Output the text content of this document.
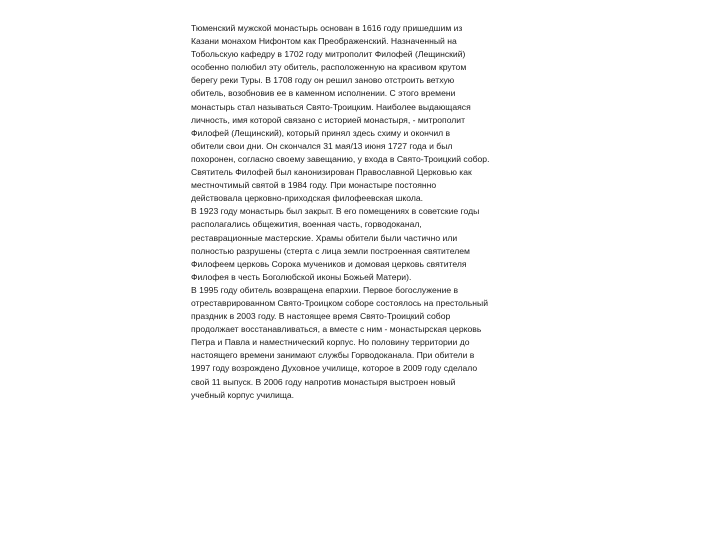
Тюменский мужской монастырь основан в 1616 году пришедшим из
Казани монахом Нифонтом как Преображенский. Назначенный на
Тобольскую кафедру в 1702 году митрополит Филофей (Лещинский)
особенно полюбил эту обитель, расположенную на красивом крутом
берегу реки Туры. В 1708 году он решил заново отстроить ветхую
обитель, возобновив ее в каменном исполнении. С этого времени
монастырь стал называться Свято-Троицким. Наиболее выдающаяся
личность, имя которой связано с историей монастыря, - митрополит
Филофей (Лещинский), который принял здесь схиму и окончил в
обители свои дни. Он скончался 31 мая/13 июня 1727 года и был
похоронен, согласно своему завещанию, у входа в Свято-Троицкий собор.
Святитель Филофей был канонизирован Православной Церковью как
местночтимый святой в 1984 году. При монастыре постоянно
действовала церковно-приходская филофеевская школа.
В 1923 году монастырь был закрыт. В его помещениях в советские годы
располагались общежития, военная часть, горводоканал,
реставрационные мастерские. Храмы обители были частично или
полностью разрушены (стерта с лица земли построенная святителем
Филофеем церковь Сорока мучеников и домовая церковь святителя
Филофея в честь Боголюбской иконы Божьей Матери).
В 1995 году обитель возвращена епархии. Первое богослужение в
отреставрированном Свято-Троицком соборе состоялось на престольный
праздник в 2003 году. В настоящее время Свято-Троицкий собор
продолжает восстанавливаться, а вместе с ним - монастырская церковь
Петра и Павла и наместнический корпус. Но половину территории до
настоящего времени занимают службы Горводоканала. При обители в
1997 году возрождено Духовное училище, которое в 2009 году сделало
свой 11 выпуск. В 2006 году напротив монастыря выстроен новый
учебный корпус училища.
